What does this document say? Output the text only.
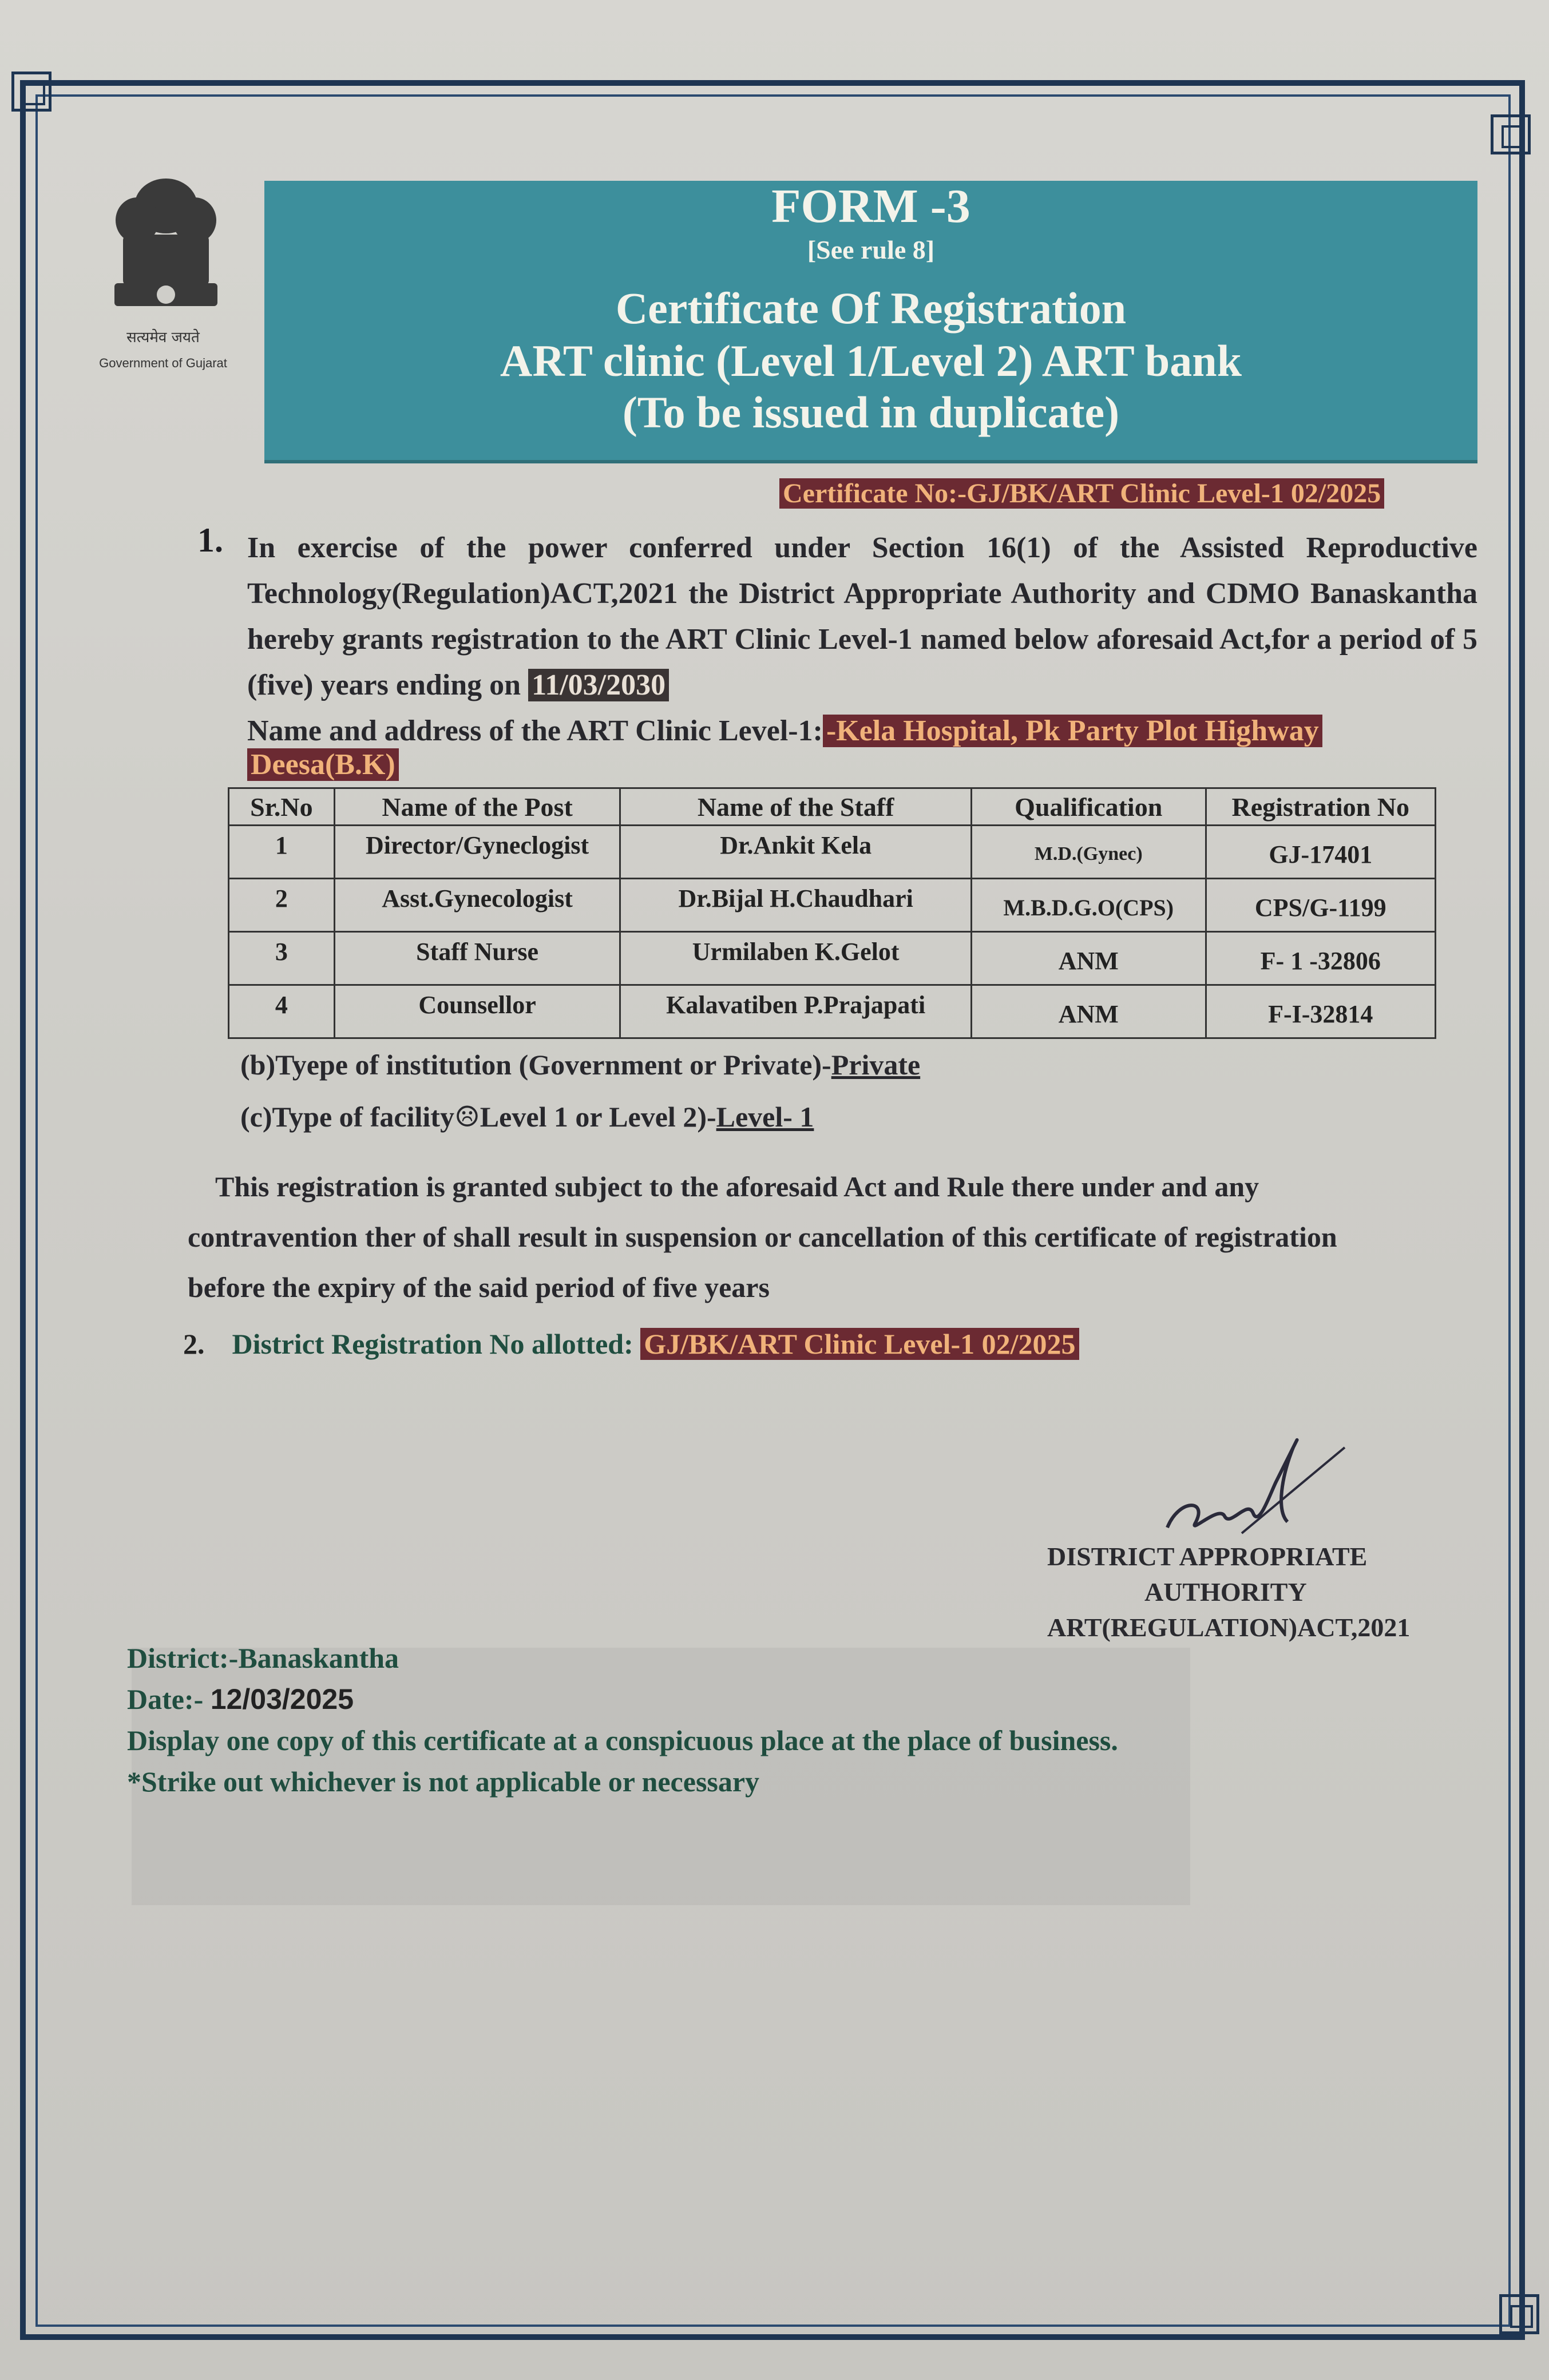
सत्यमेव जयते
Government of Gujarat
FORM -3
[See rule 8]
Certificate Of Registration
ART clinic (Level 1/Level 2) ART bank
(To be issued in duplicate)
Certificate No:-GJ/BK/ART Clinic Level-1 02/2025
1. In exercise of the power conferred under Section 16(1) of the Assisted Reproductive Technology(Regulation)ACT,2021 the District Appropriate Authority and CDMO Banaskantha hereby grants registration to the ART Clinic Level-1 named below aforesaid Act,for a period of 5 (five) years ending on 11/03/2030
Name and address of the ART Clinic Level-1: -Kela Hospital, Pk Party Plot Highway
Deesa(B.K)
Sr.No	Name of the Post	Name of the Staff	Qualification	Registration No
1	Director/Gyneclogist	Dr.Ankit Kela	M.D.(Gynec)	GJ-17401
2	Asst.Gynecologist	Dr.Bijal H.Chaudhari	M.B.D.G.O(CPS)	CPS/G-1199
3	Staff Nurse	Urmilaben K.Gelot	ANM	F- 1 -32806
4	Counsellor	Kalavatiben P.Prajapati	ANM	F-I-32814
(b)Tyepe of institution (Government or Private)-Private
(c)Type of facility☹Level 1 or Level 2)-Level- 1
This registration is granted subject to the aforesaid Act and Rule there under and any
contravention ther of shall result in suspension or cancellation of this certificate of registration
before the expiry of the said period of five years
2. District Registration No allotted: GJ/BK/ART Clinic Level-1 02/2025
DISTRICT APPROPRIATE
AUTHORITY
ART(REGULATION)ACT,2021
District:-Banaskantha
Date:- 12/03/2025
Display one copy of this certificate at a conspicuous place at the place of business.
*Strike out whichever is not applicable or necessary
